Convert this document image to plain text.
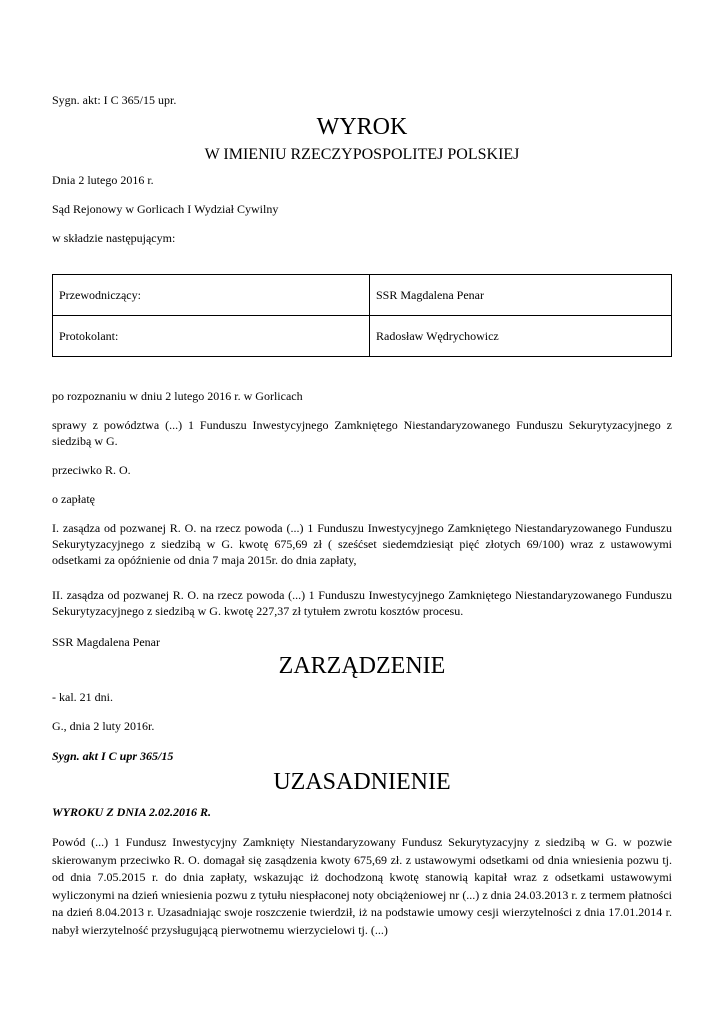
Sygn. akt: I C 365/15 upr.

WYROK
W IMIENIU RZECZYPOSPOLITEJ POLSKIEJ

Dnia 2 lutego 2016 r.

Sąd Rejonowy w Gorlicach I Wydział Cywilny

w składzie następującym:

Przewodniczący:	SSR Magdalena Penar
Protokolant:	Radosław Wędrychowicz

po rozpoznaniu w dniu 2 lutego 2016 r. w Gorlicach

sprawy z powództwa (...) 1 Funduszu Inwestycyjnego Zamkniętego Niestandaryzowanego Funduszu Sekurytyzacyjnego z siedzibą w G.

przeciwko R. O.

o zapłatę

I. zasądza od pozwanej R. O. na rzecz powoda (...) 1 Funduszu Inwestycyjnego Zamkniętego Niestandaryzowanego Funduszu Sekurytyzacyjnego z siedzibą w G. kwotę 675,69 zł ( sześćset siedemdziesiąt pięć złotych 69/100) wraz z ustawowymi odsetkami za opóźnienie od dnia 7 maja 2015r. do dnia zapłaty,

II. zasądza od pozwanej R. O. na rzecz powoda (...) 1 Funduszu Inwestycyjnego Zamkniętego Niestandaryzowanego Funduszu Sekurytyzacyjnego z siedzibą w G. kwotę 227,37 zł tytułem zwrotu kosztów procesu.

SSR Magdalena Penar

ZARZĄDZENIE

- kal. 21 dni.

G., dnia 2 luty 2016r.

Sygn. akt I C upr 365/15

UZASADNIENIE

WYROKU Z DNIA 2.02.2016 R.

Powód (...) 1 Fundusz Inwestycyjny Zamknięty Niestandaryzowany Fundusz Sekurytyzacyjny z siedzibą w G. w pozwie skierowanym przeciwko R. O. domagał się zasądzenia kwoty 675,69 zł. z ustawowymi odsetkami od dnia wniesienia pozwu tj. od dnia 7.05.2015 r. do dnia zapłaty, wskazując iż dochodzoną kwotę stanowią kapitał wraz z odsetkami ustawowymi wyliczonymi na dzień wniesienia pozwu z tytułu niespłaconej noty obciążeniowej nr (...) z dnia 24.03.2013 r. z termem płatności na dzień 8.04.2013 r. Uzasadniając swoje roszczenie twierdził, iż na podstawie umowy cesji wierzytelności z dnia 17.01.2014 r. nabył wierzytelność przysługującą pierwotnemu wierzycielowi tj. (...)
